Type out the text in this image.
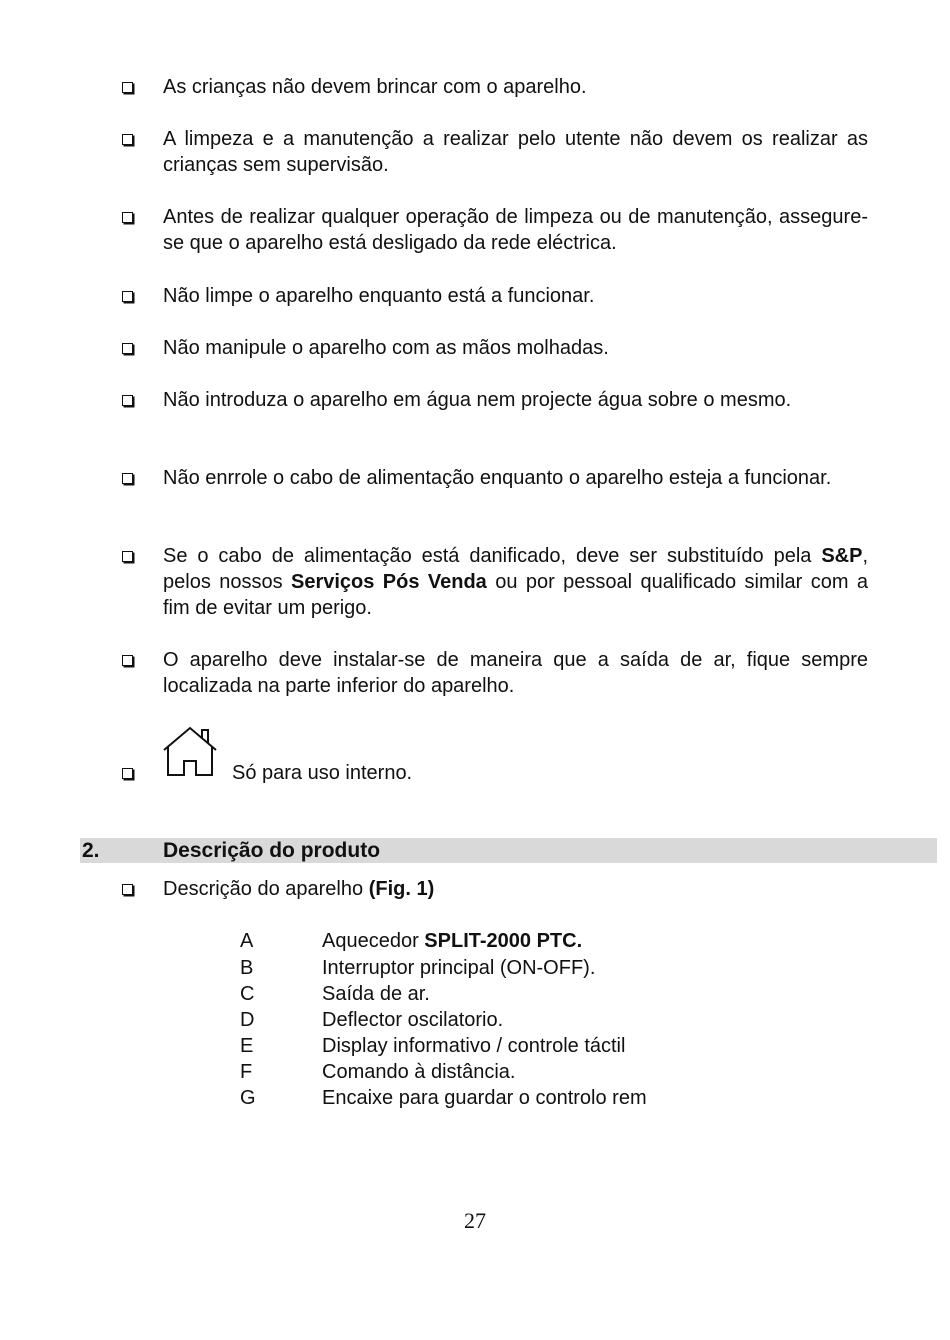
As crianças não devem brincar com o aparelho.
A limpeza e a manutenção a realizar pelo utente não devem os realizar as crianças sem supervisão.
Antes de realizar qualquer operação de limpeza ou de manutenção, assegure-se que o aparelho está desligado da rede eléctrica.
Não limpe o aparelho enquanto está a funcionar.
Não manipule o aparelho com as mãos molhadas.
Não introduza o aparelho em água nem projecte água sobre o mesmo.
Não enrrole o cabo de alimentação enquanto o aparelho esteja a funcionar.
Se o cabo de alimentação está danificado, deve ser substituído pela S&P, pelos nossos Serviços Pós Venda ou por pessoal qualificado similar com a fim de evitar um perigo.
O aparelho deve instalar-se de maneira que a saída de ar, fique sempre localizada na parte inferior do aparelho.
Só para uso interno.
2.	Descrição do produto
Descrição do aparelho (Fig. 1)
A	Aquecedor SPLIT-2000 PTC.
B	Interruptor principal (ON-OFF).
C	Saída de ar.
D	Deflector oscilatorio.
E	Display informativo / controle táctil
F	Comando à distância.
G	Encaixe para guardar o controlo rem
27
